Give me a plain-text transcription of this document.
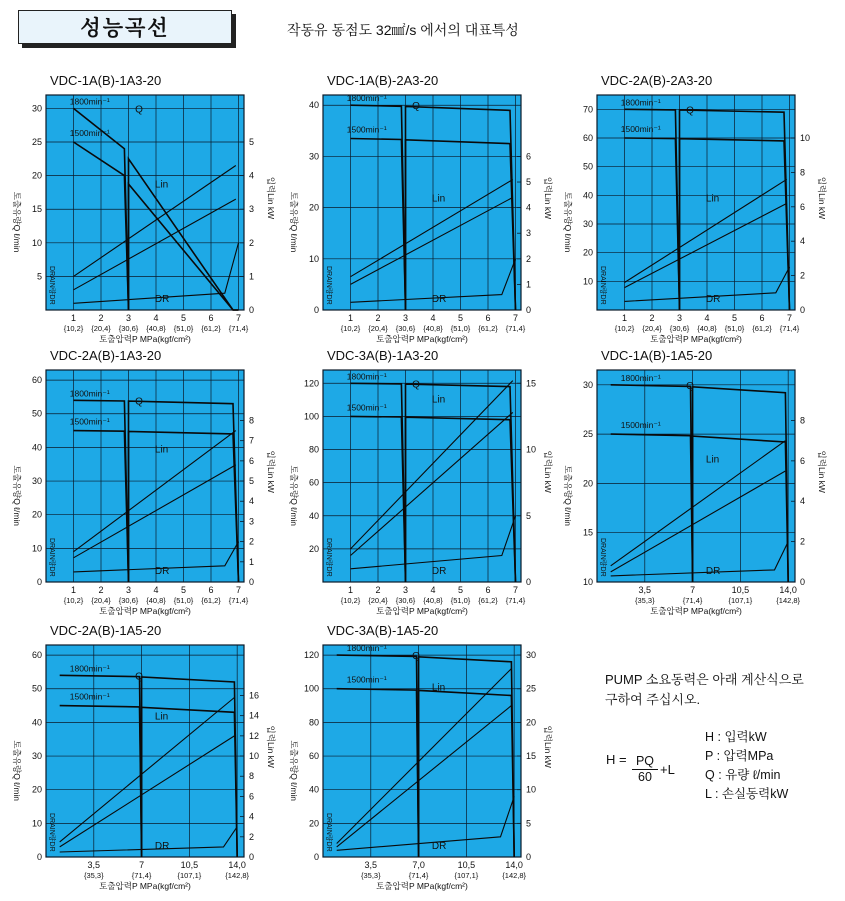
성능곡선	작동유 동점도 32㎟/s 에서의 대표특성
VDC-1A(B)-1A3-20
1
{10,2}
2
{20,4}
3
{30,6}
4
{40,8}
5
{51,0}
6
{61,2}
7
{71,4}
5
10
15
20
25
30
0
1
2
3
4
5
토출압력P MPa(kgf/cm²)
토출유량Q ℓ/min	입력Lin kW
DRAIN량DR
Q
1800min⁻¹
1500min⁻¹
Lin
DR
VDC-1A(B)-2A3-20
1
{10,2}
2
{20,4}
3
{30,6}
4
{40,8}
5
{51,0}
6
{61,2}
7
{71,4}
0
10
20
30
40
0
1
2
3
4
5
6
토출압력P MPa(kgf/cm²)
토출유량Q ℓ/min	입력Lin kW
DRAIN량DR
Q
1800min⁻¹
1500min⁻¹
Lin
DR
VDC-2A(B)-2A3-20
1
{10,2}
2
{20,4}
3
{30,6}
4
{40,8}
5
{51,0}
6
{61,2}
7
{71,4}
10
20
30
40
50
60
70
0
2
4
6
8
10
토출압력P MPa(kgf/cm²)
토출유량Q ℓ/min	입력Lin kW
DRAIN량DR
Q
1800min⁻¹
1500min⁻¹
Lin
DR
VDC-2A(B)-1A3-20
1
{10,2}
2
{20,4}
3
{30,6}
4
{40,8}
5
{51,0}
6
{61,2}
7
{71,4}
0
10
20
30
40
50
60
0
1
2
3
4
5
6
7
8
토출압력P MPa(kgf/cm²)
토출유량Q ℓ/min	입력Lin kW
DRAIN량DR
Q
1800min⁻¹
1500min⁻¹
Lin
DR
VDC-3A(B)-1A3-20
1
{10,2}
2
{20,4}
3
{30,6}
4
{40,8}
5
{51,0}
6
{61,2}
7
{71,4}
20
40
60
80
100
120
0
5
10
15
토출압력P MPa(kgf/cm²)
토출유량Q ℓ/min	입력Lin kW
DRAIN량DR
Q
1800min⁻¹
1500min⁻¹
Lin
DR
VDC-1A(B)-1A5-20
3,5
{35,3}
7
{71,4}
10,5
{107,1}
14,0
{142,8}
10
15
20
25
30
0
2
4
6
8
토출압력P MPa(kgf/cm²)
토출유량Q ℓ/min	입력Lin kW
DRAIN량DR
Q
1800min⁻¹
1500min⁻¹
Lin
DR
VDC-2A(B)-1A5-20
3,5
{35,3}
7
{71,4}
10,5
{107,1}
14,0
{142,8}
0
10
20
30
40
50
60
0
2
4
6
8
10
12
14
16
토출압력P MPa(kgf/cm²)
토출유량Q ℓ/min	입력Lin kW
DRAIN량DR
Q
1800min⁻¹
1500min⁻¹
Lin
DR
VDC-3A(B)-1A5-20
3,5
{35,3}
7,0
{71,4}
10,5
{107,1}
14,0
{142,8}
0
20
40
60
80
100
120
0
5
10
15
20
25
30
토출압력P MPa(kgf/cm²)
토출유량Q ℓ/min	입력Lin kW
DRAIN량DR
Q
1800min⁻¹
1500min⁻¹
Lin
DR
PUMP 소요동력은 아래 계산식으로
구하여 주십시오.
$H = \frac{PQ}{60} +L$
H : 입력kW
P : 압력MPa
Q : 유량 ℓ/min
L : 손실동력kW
